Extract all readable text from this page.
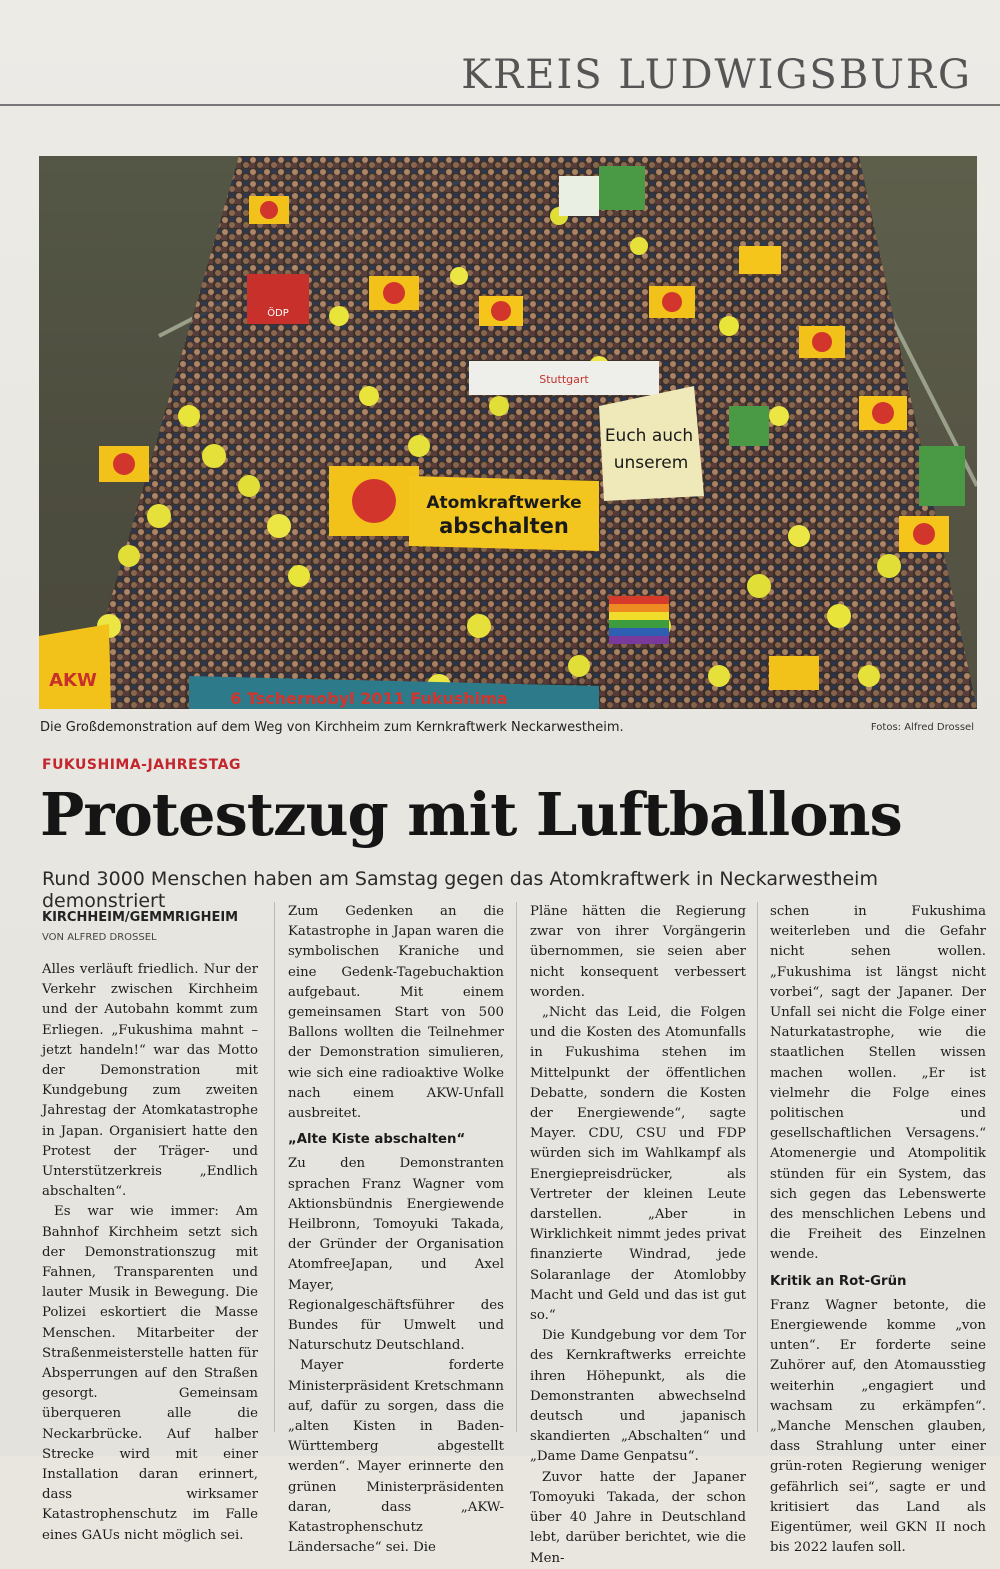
KREIS LUDWIGSBURG
ÖDP
Stuttgart
Atomkraftwerke
abschalten
Euch auch
unserem
AKW
6 Tschernobyl 2011 Fukushima
Die Großdemonstration auf dem Weg von Kirchheim zum Kernkraftwerk Neckarwestheim.	Fotos: Alfred Drossel
FUKUSHIMA-JAHRESTAG
Protestzug mit Luftballons
Rund 3000 Menschen haben am Samstag gegen das Atomkraftwerk in Neckarwestheim demonstriert
KIRCHHEIM/GEMMRIGHEIM
VON ALFRED DROSSEL

Alles verläuft friedlich. Nur der Verkehr zwischen Kirchheim und der Autobahn kommt zum Erliegen. „Fukushima mahnt – jetzt handeln!“ war das Motto der Demonstration mit Kundgebung zum zweiten Jahrestag der Atomkatastrophe in Japan. Organisiert hatte den Protest der Träger- und Unterstützerkreis „Endlich abschalten“.

Es war wie immer: Am Bahnhof Kirchheim setzt sich der Demonstrationszug mit Fahnen, Transparenten und lauter Musik in Bewegung. Die Polizei eskortiert die Masse Menschen. Mitarbeiter der Straßenmeisterstelle hatten für Absperrungen auf den Straßen gesorgt. Gemeinsam überqueren alle die Neckarbrücke. Auf halber Strecke wird mit einer Installation daran erinnert, dass wirksamer Katastrophenschutz im Falle eines GAUs nicht möglich sei.

Zum Gedenken an die Katastrophe in Japan waren die symbolischen Kraniche und eine Gedenk-Tagebuchaktion aufgebaut. Mit einem gemeinsamen Start von 500 Ballons wollten die Teilnehmer der Demonstration simulieren, wie sich eine radioaktive Wolke nach einem AKW-Unfall ausbreitet.

„Alte Kiste abschalten“

Zu den Demonstranten sprachen Franz Wagner vom Aktionsbündnis Energiewende Heilbronn, Tomoyuki Takada, der Gründer der Organisation AtomfreeJapan, und Axel Mayer, Regionalgeschäftsführer des Bundes für Umwelt und Naturschutz Deutschland.

Mayer forderte Ministerpräsident Kretschmann auf, dafür zu sorgen, dass die „alten Kisten in Baden-Württemberg abgestellt werden“. Mayer erinnerte den grünen Ministerpräsidenten daran, dass „AKW-Katastrophenschutz Ländersache“ sei. Die

Pläne hätten die Regierung zwar von ihrer Vorgängerin übernommen, sie seien aber nicht konsequent verbessert worden.

„Nicht das Leid, die Folgen und die Kosten des Atomunfalls in Fukushima stehen im Mittelpunkt der öffentlichen Debatte, sondern die Kosten der Energiewende“, sagte Mayer. CDU, CSU und FDP würden sich im Wahlkampf als Energiepreisdrücker, als Vertreter der kleinen Leute darstellen. „Aber in Wirklichkeit nimmt jedes privat finanzierte Windrad, jede Solaranlage der Atomlobby Macht und Geld und das ist gut so.“

Die Kundgebung vor dem Tor des Kernkraftwerks erreichte ihren Höhepunkt, als die Demonstranten abwechselnd deutsch und japanisch skandierten „Abschalten“ und „Dame Dame Genpatsu“.

Zuvor hatte der Japaner Tomoyuki Takada, der schon über 40 Jahre in Deutschland lebt, darüber berichtet, wie die Men-

schen in Fukushima weiterleben und die Gefahr nicht sehen wollen. „Fukushima ist längst nicht vorbei“, sagt der Japaner. Der Unfall sei nicht die Folge einer Naturkatastrophe, wie die staatlichen Stellen wissen machen wollen. „Er ist vielmehr die Folge eines politischen und gesellschaftlichen Versagens.“ Atomenergie und Atompolitik stünden für ein System, das sich gegen das Lebenswerte des menschlichen Lebens und die Freiheit des Einzelnen wende.

Kritik an Rot-Grün

Franz Wagner betonte, die Energiewende komme „von unten“. Er forderte seine Zuhörer auf, den Atomausstieg weiterhin „engagiert und wachsam zu erkämpfen“. „Manche Menschen glauben, dass Strahlung unter einer grün-roten Regierung weniger gefährlich sei“, sagte er und kritisiert das Land als Eigentümer, weil GKN II noch bis 2022 laufen soll.
